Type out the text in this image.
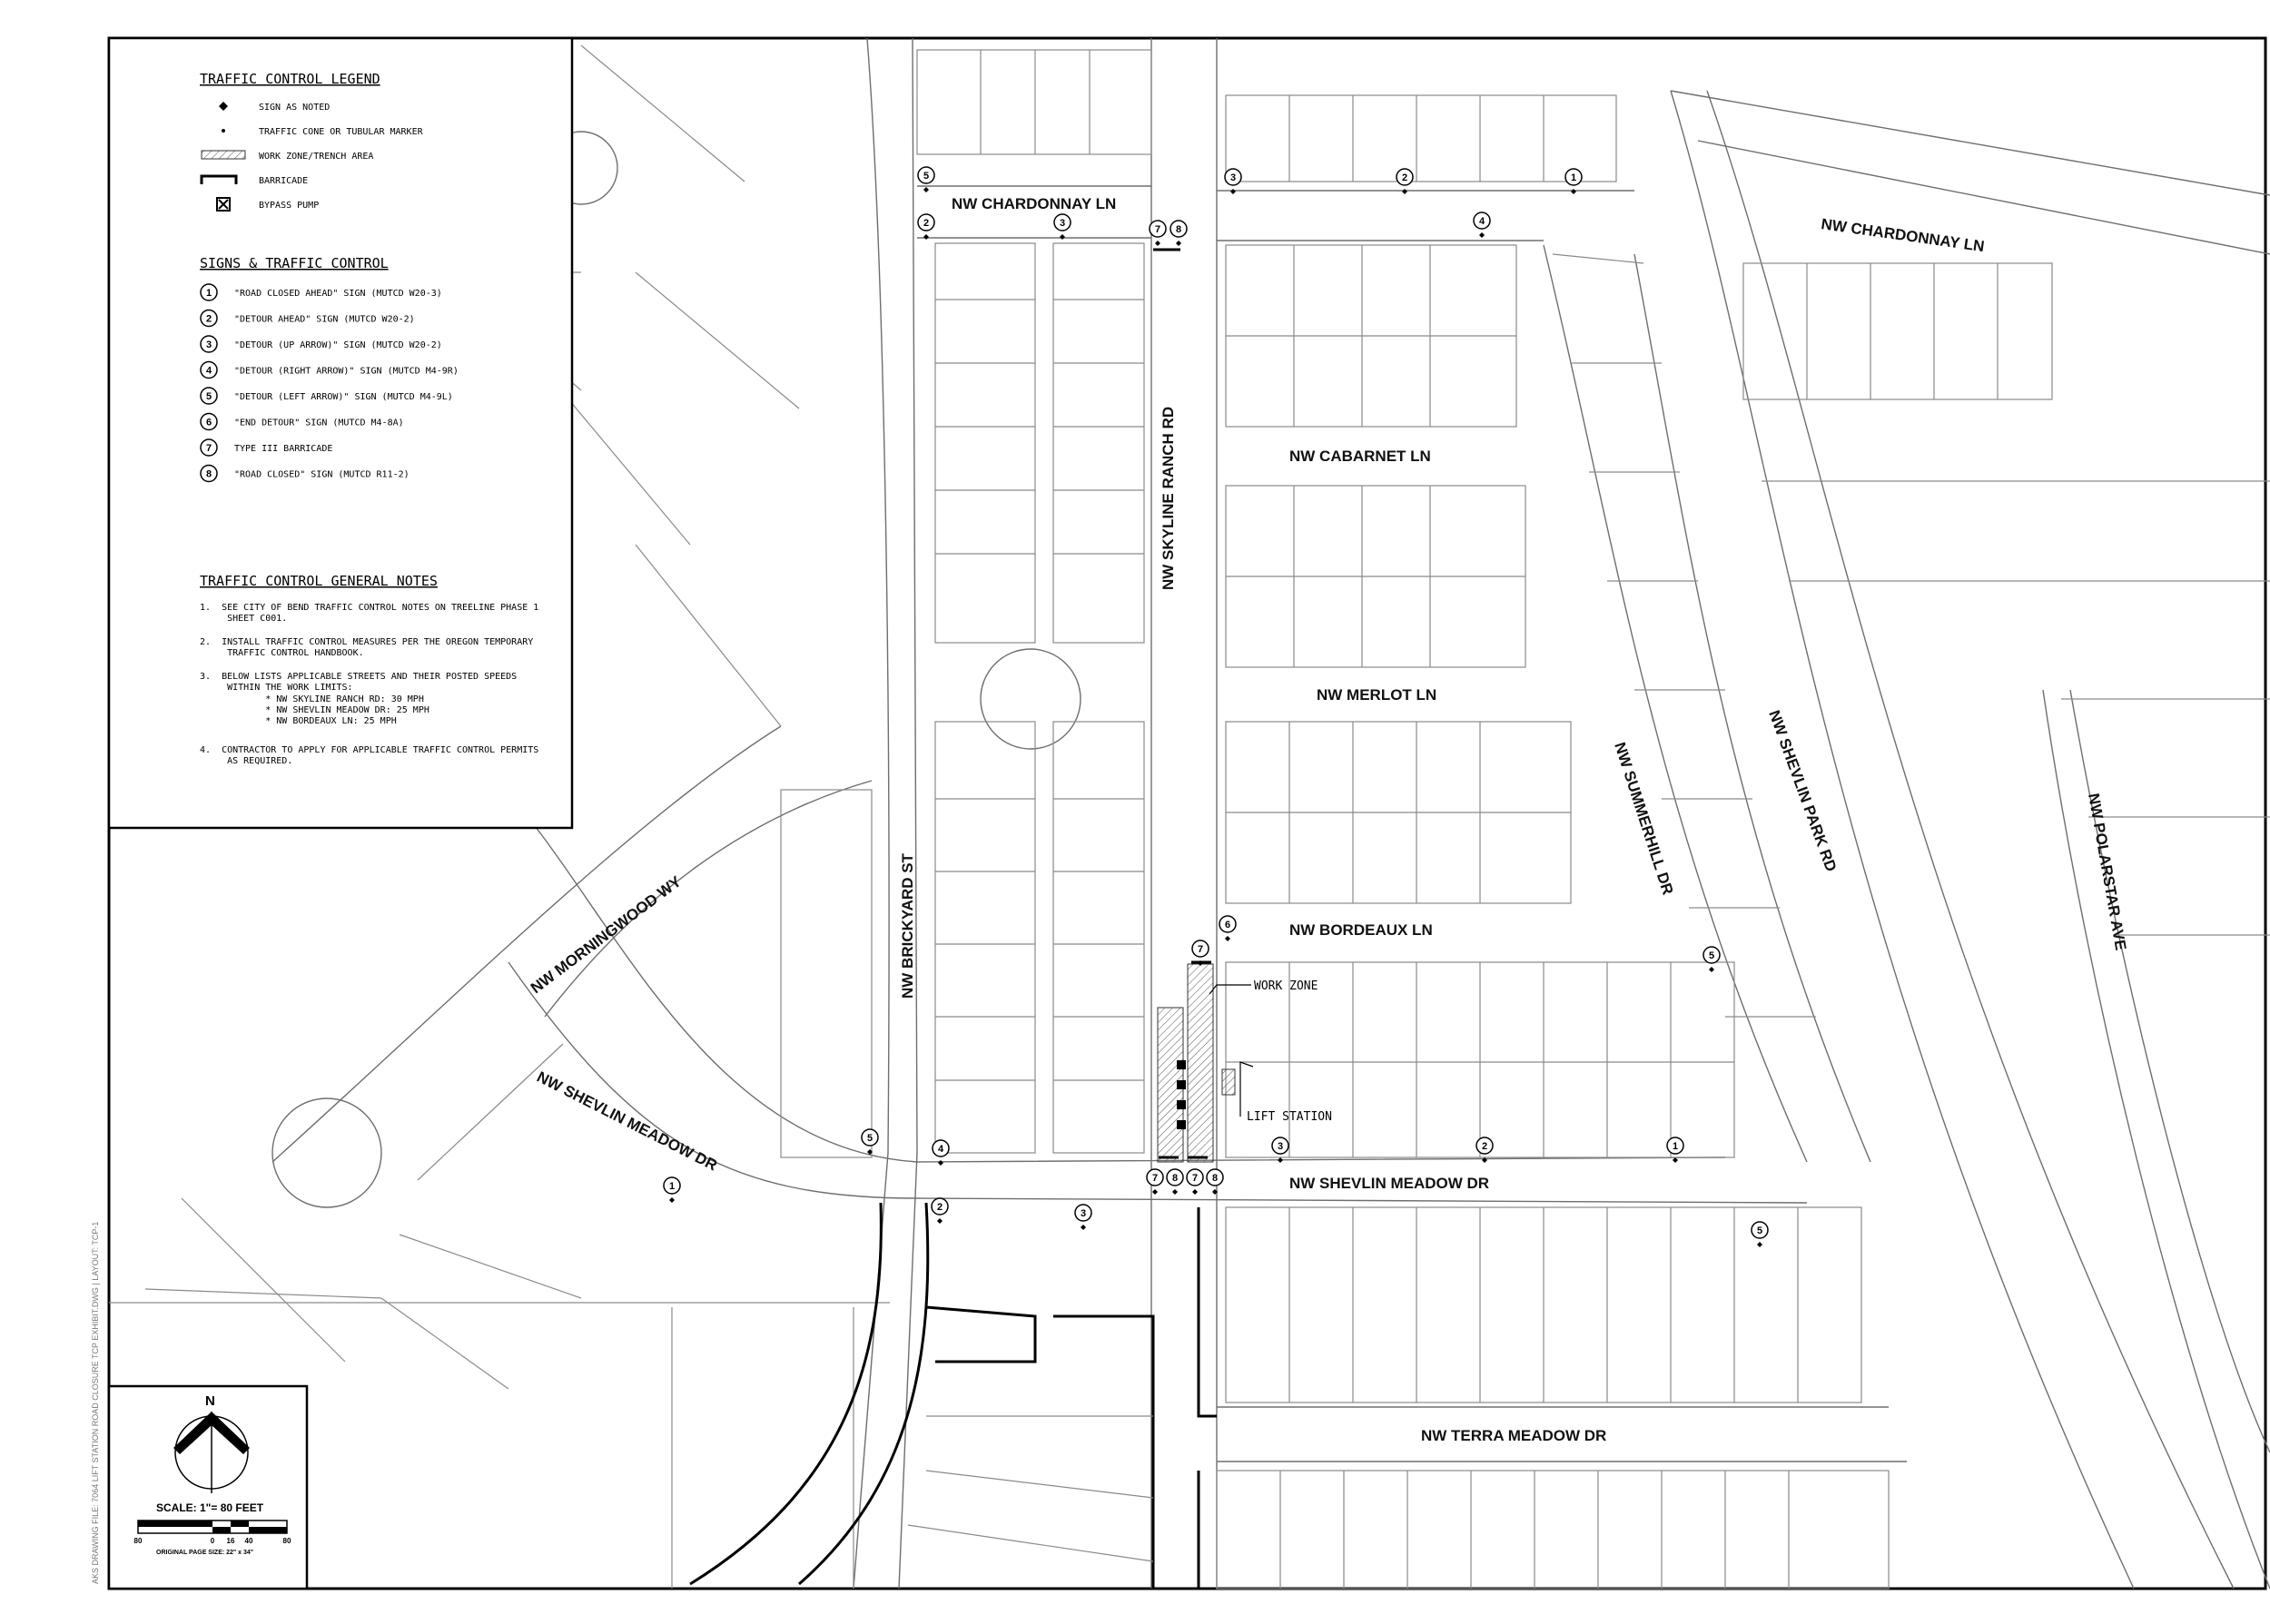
NW CHARDONNAY LN
NW CHARDONNAY LN
NW CABARNET LN
NW MERLOT LN
NW BORDEAUX LN
NW SHEVLIN MEADOW DR
NW SHEVLIN MEADOW DR
NW TERRA MEADOW DR
NW SKYLINE RANCH RD
NW BRICKYARD ST
NW MORNINGWOOD WY
NW SUMMERHILL DR	NW SHEVLIN PARK RD	NW POLARSTAR AVE
WORK ZONE
LIFT STATION
5
2	3
7 8
3	2	1
4
6
7
5
5
4	1
3	2
1
2
3
7 8 7 8
5
TRAFFIC CONTROL LEGEND
SIGN AS NOTED
TRAFFIC CONE OR TUBULAR MARKER
WORK ZONE/TRENCH AREA
BARRICADE
BYPASS PUMP
SIGNS & TRAFFIC CONTROL
1 "ROAD CLOSED AHEAD" SIGN (MUTCD W20-3)
2 "DETOUR AHEAD" SIGN (MUTCD W20-2)
3 "DETOUR (UP ARROW)" SIGN (MUTCD W20-2)
4 "DETOUR (RIGHT ARROW)" SIGN (MUTCD M4-9R)
5 "DETOUR (LEFT ARROW)" SIGN (MUTCD M4-9L)
6 "END DETOUR" SIGN (MUTCD M4-8A)
7 TYPE III BARRICADE
8 "ROAD CLOSED" SIGN (MUTCD R11-2)
TRAFFIC CONTROL GENERAL NOTES
1.  SEE CITY OF BEND TRAFFIC CONTROL NOTES ON TREELINE PHASE 1
SHEET C001.
2.  INSTALL TRAFFIC CONTROL MEASURES PER THE OREGON TEMPORARY
TRAFFIC CONTROL HANDBOOK.
3.  BELOW LISTS APPLICABLE STREETS AND THEIR POSTED SPEEDS
WITHIN THE WORK LIMITS:
* NW SKYLINE RANCH RD: 30 MPH
* NW SHEVLIN MEADOW DR: 25 MPH
* NW BORDEAUX LN: 25 MPH
4.  CONTRACTOR TO APPLY FOR APPLICABLE TRAFFIC CONTROL PERMITS
AS REQUIRED.
N
SCALE: 1"= 80 FEET
80	0 16 40	80
ORIGINAL PAGE SIZE: 22" x 34"
AKS DRAWING FILE: 7064 LIFT STATION ROAD CLOSURE TCP EXHIBIT.DWG | LAYOUT: TCP-1
